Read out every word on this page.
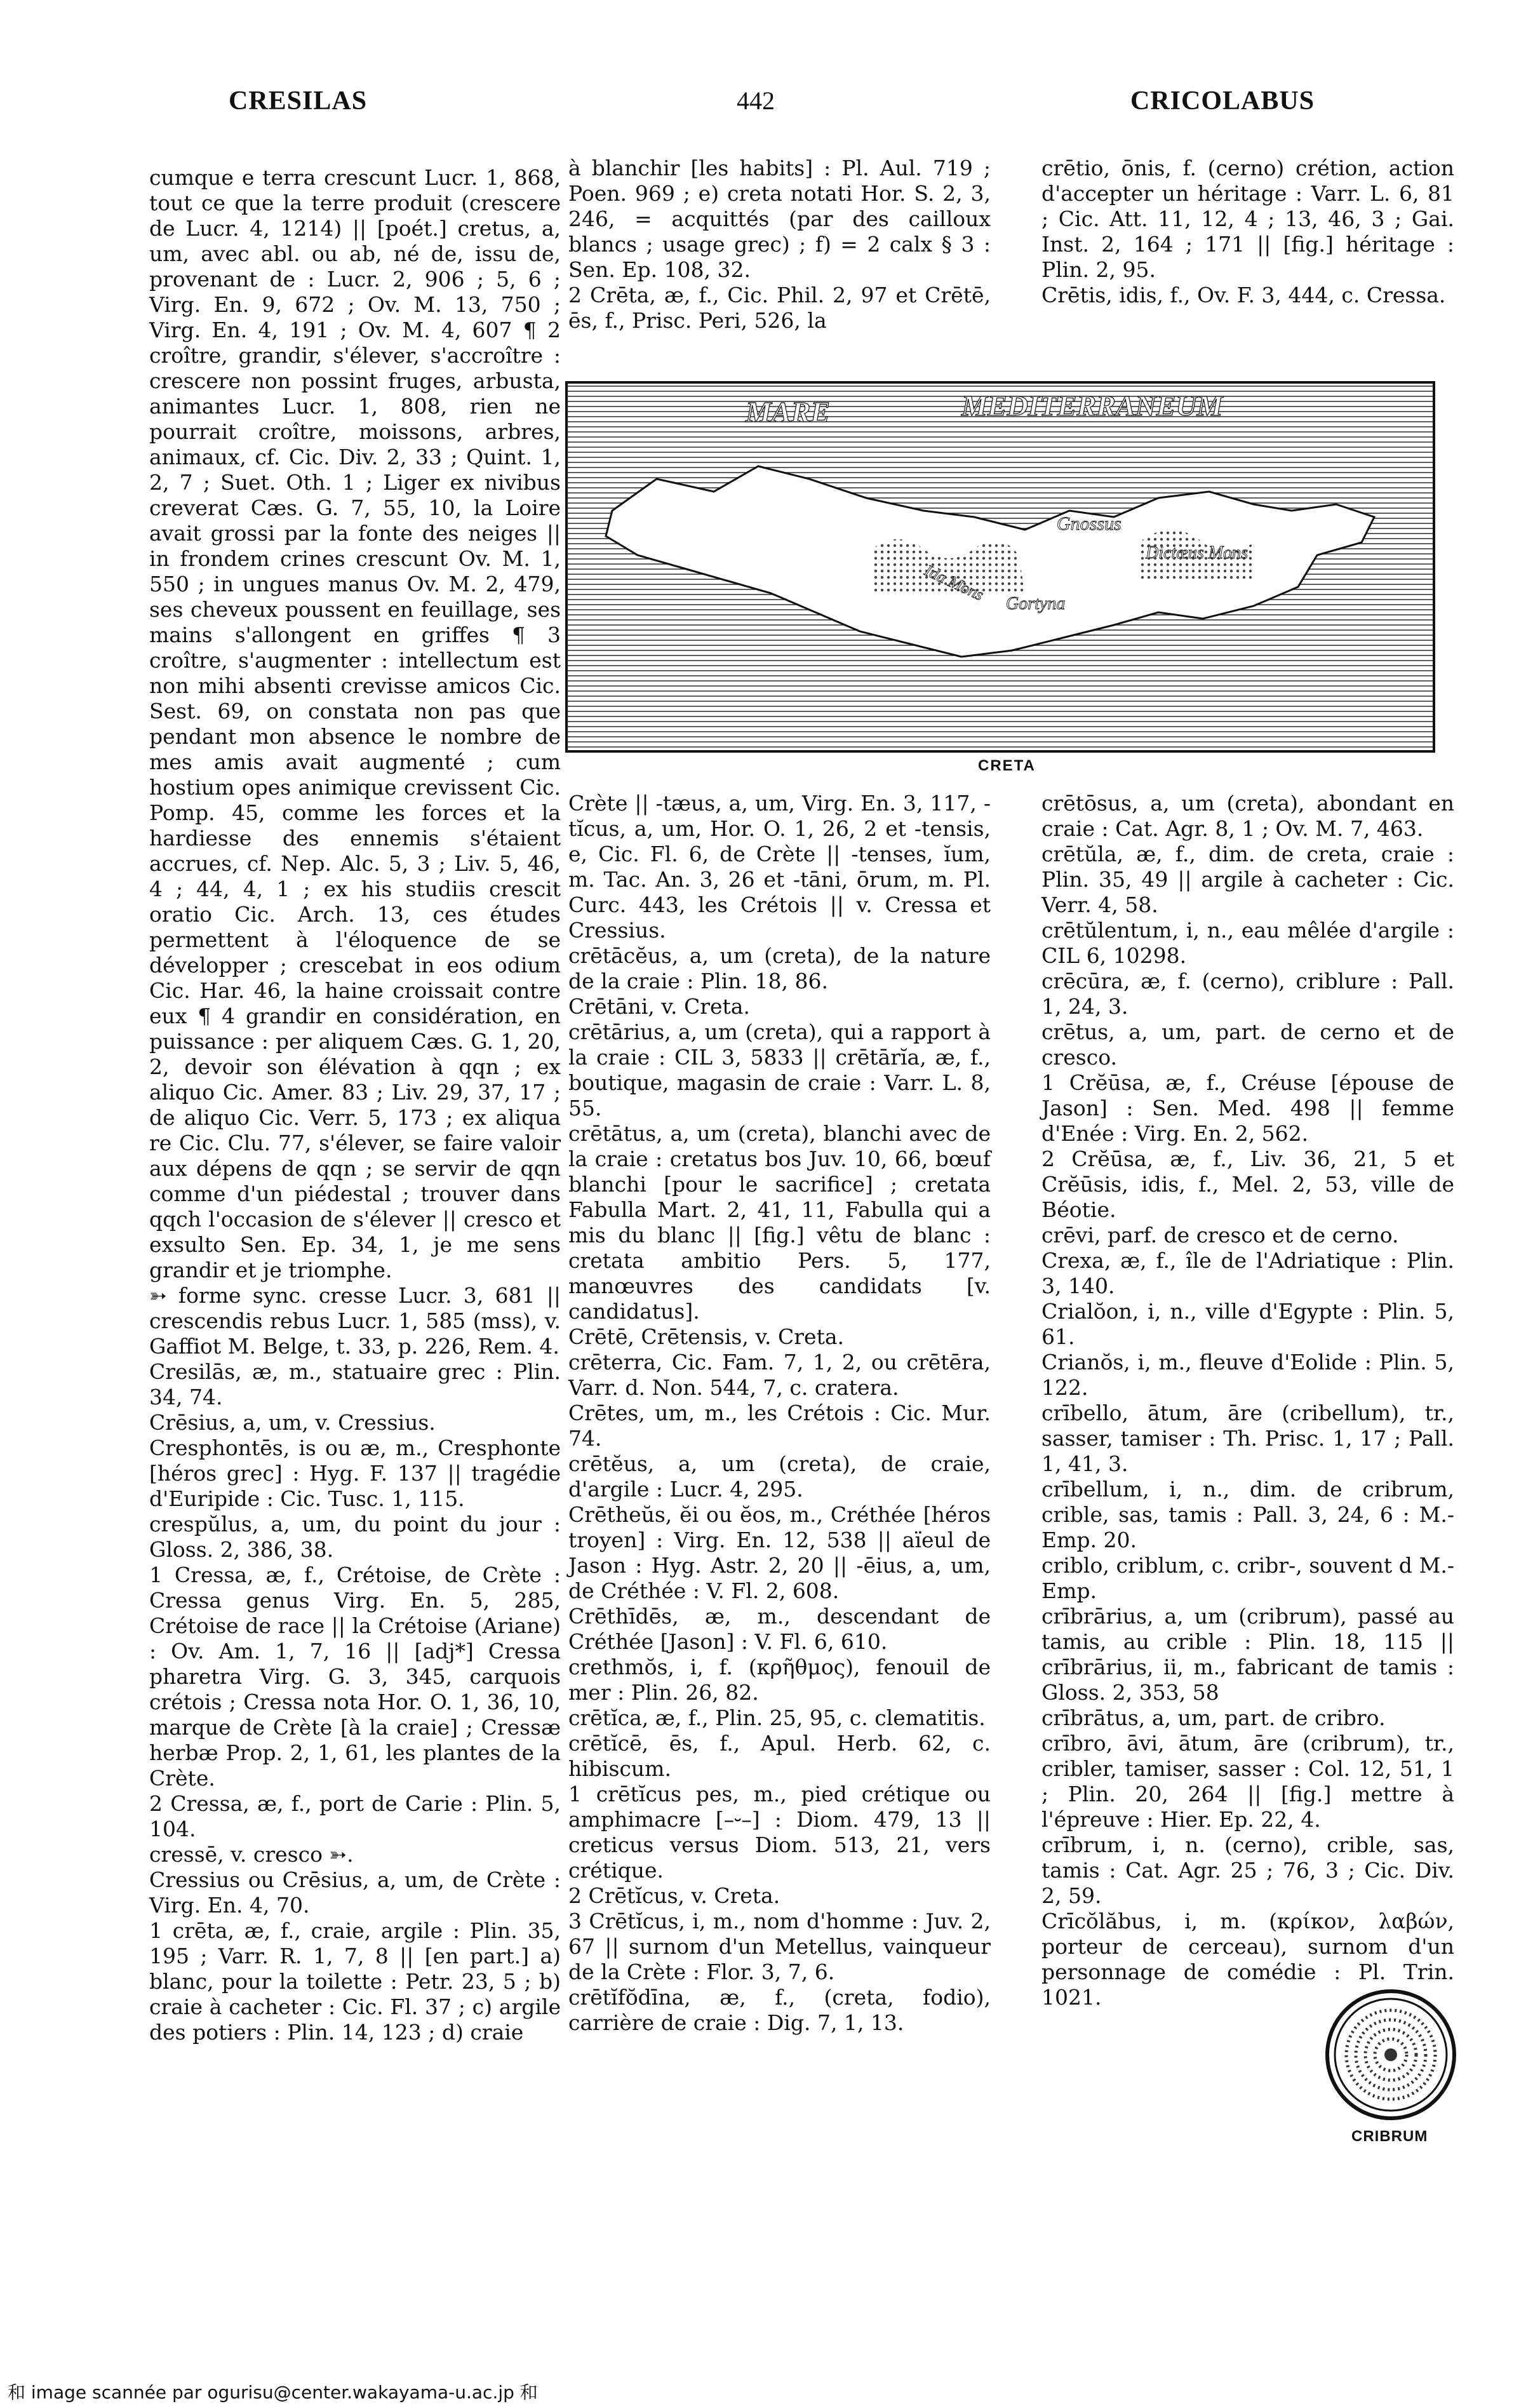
CRESILAS	442	CRICOLABUS

cumque e terra crescunt Lucr. 1, 868, tout ce que la terre produit (crescere de Lucr. 4, 1214) || [poét.] cretus, a, um, avec abl. ou ab, né de, issu de, provenant de : Lucr. 2, 906 ; 5, 6 ; Virg. En. 9, 672 ; Ov. M. 13, 750 ; Virg. En. 4, 191 ; Ov. M. 4, 607 ¶ 2 croître, grandir, s'élever, s'accroître : crescere non possint fruges, arbusta, animantes Lucr. 1, 808, rien ne pourrait croître, moissons, arbres, animaux, cf. Cic. Div. 2, 33 ; Quint. 1, 2, 7 ; Suet. Oth. 1 ; Liger ex nivibus creverat Cæs. G. 7, 55, 10, la Loire avait grossi par la fonte des neiges || in frondem crines crescunt Ov. M. 1, 550 ; in ungues manus Ov. M. 2, 479, ses cheveux poussent en feuillage, ses mains s'allongent en griffes ¶ 3 croître, s'augmenter : intellectum est non mihi absenti crevisse amicos Cic. Sest. 69, on constata non pas que pendant mon absence le nombre de mes amis avait augmenté ; cum hostium opes animique crevissent Cic. Pomp. 45, comme les forces et la hardiesse des ennemis s'étaient accrues, cf. Nep. Alc. 5, 3 ; Liv. 5, 46, 4 ; 44, 4, 1 ; ex his studiis crescit oratio Cic. Arch. 13, ces études permettent à l'éloquence de se développer ; crescebat in eos odium Cic. Har. 46, la haine croissait contre eux ¶ 4 grandir en considération, en puissance : per aliquem Cæs. G. 1, 20, 2, devoir son élévation à qqn ; ex aliquo Cic. Amer. 83 ; Liv. 29, 37, 17 ; de aliquo Cic. Verr. 5, 173 ; ex aliqua re Cic. Clu. 77, s'élever, se faire valoir aux dépens de qqn ; se servir de qqn comme d'un piédestal ; trouver dans qqch l'occasion de s'élever || cresco et exsulto Sen. Ep. 34, 1, je me sens grandir et je triomphe.

➳ forme sync. cresse Lucr. 3, 681 || crescendis rebus Lucr. 1, 585 (mss), v. Gaffiot M. Belge, t. 33, p. 226, Rem. 4.

Cresilās, æ, m., statuaire grec : Plin. 34, 74.

Crēsius, a, um, v. Cressius.

Cresphontēs, is ou æ, m., Cresphonte [héros grec] : Hyg. F. 137 || tragédie d'Euripide : Cic. Tusc. 1, 115.

crespŭlus, a, um, du point du jour : Gloss. 2, 386, 38.

1 Cressa, æ, f., Crétoise, de Crète : Cressa genus Virg. En. 5, 285, Crétoise de race || la Crétoise (Ariane) : Ov. Am. 1, 7, 16 || [adj*] Cressa pharetra Virg. G. 3, 345, carquois crétois ; Cressa nota Hor. O. 1, 36, 10, marque de Crète [à la craie] ; Cressæ herbæ Prop. 2, 1, 61, les plantes de la Crète.

2 Cressa, æ, f., port de Carie : Plin. 5, 104.

cressē, v. cresco ➳.

Cressius ou Crēsius, a, um, de Crète : Virg. En. 4, 70.

1 crēta, æ, f., craie, argile : Plin. 35, 195 ; Varr. R. 1, 7, 8 || [en part.] a) blanc, pour la toilette : Petr. 23, 5 ; b) craie à cacheter : Cic. Fl. 37 ; c) argile des potiers : Plin. 14, 123 ; d) craie

à blanchir [les habits] : Pl. Aul. 719 ; Poen. 969 ; e) creta notati Hor. S. 2, 3, 246, = acquittés (par des cailloux blancs ; usage grec) ; f) = 2 calx § 3 : Sen. Ep. 108, 32.

2 Crēta, æ, f., Cic. Phil. 2, 97 et Crētē, ēs, f., Prisc. Peri, 526, la

crētio, ōnis, f. (cerno) crétion, action d'accepter un héritage : Varr. L. 6, 81 ; Cic. Att. 11, 12, 4 ; 13, 46, 3 ; Gai. Inst. 2, 164 ; 171 || [fig.] héritage : Plin. 2, 95.

Crētis, idis, f., Ov. F. 3, 444, c. Cressa.

MARE	MEDITERRANEUM
Gnossus
Dictæus Mons
Ida Mons Gortyna
CRETA

Crète || -tæus, a, um, Virg. En. 3, 117, -tĭcus, a, um, Hor. O. 1, 26, 2 et -tensis, e, Cic. Fl. 6, de Crète || -tenses, ĭum, m. Tac. An. 3, 26 et -tāni, ōrum, m. Pl. Curc. 443, les Crétois || v. Cressa et Cressius.

crētācĕus, a, um (creta), de la nature de la craie : Plin. 18, 86.

Crētāni, v. Creta.

crētārius, a, um (creta), qui a rapport à la craie : CIL 3, 5833 || crētārĭa, æ, f., boutique, magasin de craie : Varr. L. 8, 55.

crētātus, a, um (creta), blanchi avec de la craie : cretatus bos Juv. 10, 66, bœuf blanchi [pour le sacrifice] ; cretata Fabulla Mart. 2, 41, 11, Fabulla qui a mis du blanc || [fig.] vêtu de blanc : cretata ambitio Pers. 5, 177, manœuvres des candidats [v. candidatus].

Crētē, Crētensis, v. Creta.

crēterra, Cic. Fam. 7, 1, 2, ou crētēra, Varr. d. Non. 544, 7, c. cratera.

Crētes, um, m., les Crétois : Cic. Mur. 74.

crētĕus, a, um (creta), de craie, d'argile : Lucr. 4, 295.

Crētheŭs, ĕi ou ĕos, m., Créthée [héros troyen] : Virg. En. 12, 538 || aïeul de Jason : Hyg. Astr. 2, 20 || -ēius, a, um, de Créthée : V. Fl. 2, 608.

Crēthīdēs, æ, m., descendant de Créthée [Jason] : V. Fl. 6, 610.

crethmŏs, i, f. (κρῆθμος), fenouil de mer : Plin. 26, 82.

crētĭca, æ, f., Plin. 25, 95, c. clematitis.

crētĭcē, ēs, f., Apul. Herb. 62, c. hibiscum.

1 crētĭcus pes, m., pied crétique ou amphimacre [–⏑–] : Diom. 479, 13 || creticus versus Diom. 513, 21, vers crétique.

2 Crētĭcus, v. Creta.

3 Crētĭcus, i, m., nom d'homme : Juv. 2, 67 || surnom d'un Metellus, vainqueur de la Crète : Flor. 3, 7, 6.

crētĭfŏdīna, æ, f., (creta, fodio), carrière de craie : Dig. 7, 1, 13.

crētōsus, a, um (creta), abondant en craie : Cat. Agr. 8, 1 ; Ov. M. 7, 463.

crētŭla, æ, f., dim. de creta, craie : Plin. 35, 49 || argile à cacheter : Cic. Verr. 4, 58.

crētŭlentum, i, n., eau mêlée d'argile : CIL 6, 10298.

crēcūra, æ, f. (cerno), criblure : Pall. 1, 24, 3.

crētus, a, um, part. de cerno et de cresco.

1 Crĕūsa, æ, f., Créuse [épouse de Jason] : Sen. Med. 498 || femme d'Enée : Virg. En. 2, 562.

2 Crĕūsa, æ, f., Liv. 36, 21, 5 et Crĕūsis, idis, f., Mel. 2, 53, ville de Béotie.

crēvi, parf. de cresco et de cerno.

Crexa, æ, f., île de l'Adriatique : Plin. 3, 140.

Crialŏon, i, n., ville d'Egypte : Plin. 5, 61.

Crianŏs, i, m., fleuve d'Eolide : Plin. 5, 122.

crībello, ātum, āre (cribellum), tr., sasser, tamiser : Th. Prisc. 1, 17 ; Pall. 1, 41, 3.

crībellum, i, n., dim. de cribrum, crible, sas, tamis : Pall. 3, 24, 6 : M.-Emp. 20.

criblo, criblum, c. cribr-, souvent d M.-Emp.

crībrārius, a, um (cribrum), passé au tamis, au crible : Plin. 18, 115 || crībrārius, ii, m., fabricant de tamis : Gloss. 2, 353, 58

crībrātus, a, um, part. de cribro.

crībro, āvi, ātum, āre (cribrum), tr., cribler, tamiser, sasser : Col. 12, 51, 1 ; Plin. 20, 264 || [fig.] mettre à l'épreuve : Hier. Ep. 22, 4.

crībrum, i, n. (cerno), crible, sas, tamis : Cat. Agr. 25 ; 76, 3 ; Cic. Div. 2, 59.

Crīcŏlăbus, i, m. (κρίκον, λαβών, porteur de cerceau), surnom d'un personnage de comédie : Pl. Trin. 1021.

CRIBRUM
和 image scannée par ogurisu@center.wakayama-u.ac.jp 和
